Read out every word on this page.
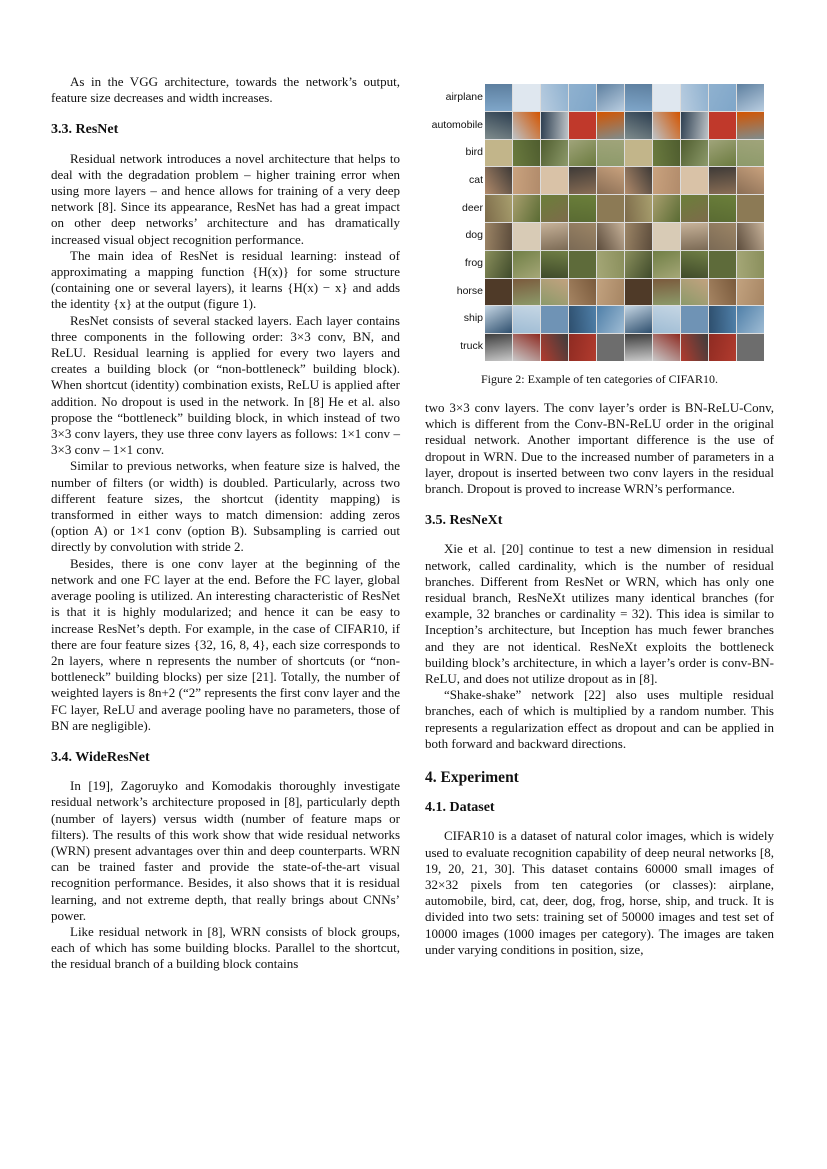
As in the VGG architecture, towards the network’s output, feature size decreases and width increases.

3.3. ResNet

Residual network introduces a novel architecture that helps to deal with the degradation problem – higher training error when using more layers – and hence allows for training of a very deep network [8]. Since its appearance, ResNet has had a great impact on other deep networks’ architecture and has dramatically increased visual object recognition performance.

The main idea of ResNet is residual learning: instead of approximating a mapping function {H(x)} for some structure (containing one or several layers), it learns {H(x) − x} and adds the identity {x} at the output (figure 1).

ResNet consists of several stacked layers. Each layer contains three components in the following order: 3×3 conv, BN, and ReLU. Residual learning is applied for every two layers and creates a building block (or “non-bottleneck” building block). When shortcut (identity) combination exists, ReLU is applied after addition. No dropout is used in the network. In [8] He et al. also propose the “bottleneck” building block, in which instead of two 3×3 conv layers, they use three conv layers as follows: 1×1 conv – 3×3 conv – 1×1 conv.

Similar to previous networks, when feature size is halved, the number of filters (or width) is doubled. Particularly, across two different feature sizes, the shortcut (identity mapping) is transformed in either ways to match dimension: adding zeros (option A) or 1×1 conv (option B). Subsampling is carried out directly by convolution with stride 2.

Besides, there is one conv layer at the beginning of the network and one FC layer at the end. Before the FC layer, global average pooling is utilized. An interesting characteristic of ResNet is that it is highly modularized; and hence it can be easy to increase ResNet’s depth. For example, in the case of CIFAR10, if there are four feature sizes {32, 16, 8, 4}, each size corresponds to 2n layers, where n represents the number of shortcuts (or “non-bottleneck” building blocks) per size [21]. Totally, the number of weighted layers is 8n+2 (“2” represents the first conv layer and the FC layer, ReLU and average pooling have no parameters, those of BN are negligible).

3.4. WideResNet

In [19], Zagoruyko and Komodakis thoroughly investigate residual network’s architecture proposed in [8], particularly depth (number of layers) versus width (number of feature maps or filters). The results of this work show that wide residual networks (WRN) present advantages over thin and deep counterparts. WRN can be trained faster and provide the state-of-the-art visual recognition performance. Besides, it also shows that it is residual learning, and not extreme depth, that really brings about CNNs’ power.

Like residual network in [8], WRN consists of block groups, each of which has some building blocks. Parallel to the shortcut, the residual branch of a building block contains

airplane
automobile
bird
cat
deer
dog
frog
horse
ship
truck
Figure 2: Example of ten categories of CIFAR10.

two 3×3 conv layers. The conv layer’s order is BN-ReLU-Conv, which is different from the Conv-BN-ReLU order in the original residual network. Another important difference is the use of dropout in WRN. Due to the increased number of parameters in a layer, dropout is inserted between two conv layers in the residual branch. Dropout is proved to increase WRN’s performance.

3.5. ResNeXt

Xie et al. [20] continue to test a new dimension in residual network, called cardinality, which is the number of residual branches. Different from ResNet or WRN, which has only one residual branch, ResNeXt utilizes many identical branches (for example, 32 branches or cardinality = 32). This idea is similar to Inception’s architecture, but Inception has much fewer branches and they are not identical. ResNeXt exploits the bottleneck building block’s architecture, in which a layer’s order is conv-BN-ReLU, and does not utilize dropout as in [8].

“Shake-shake” network [22] also uses multiple residual branches, each of which is multiplied by a random number. This represents a regularization effect as dropout and can be applied in both forward and backward directions.

4. Experiment
4.1. Dataset

CIFAR10 is a dataset of natural color images, which is widely used to evaluate recognition capability of deep neural networks [8, 19, 20, 21, 30]. This dataset contains 60000 small images of 32×32 pixels from ten categories (or classes): airplane, automobile, bird, cat, deer, dog, frog, horse, ship, and truck. It is divided into two sets: training set of 50000 images and test set of 10000 images (1000 images per category). The images are taken under varying conditions in position, size,
